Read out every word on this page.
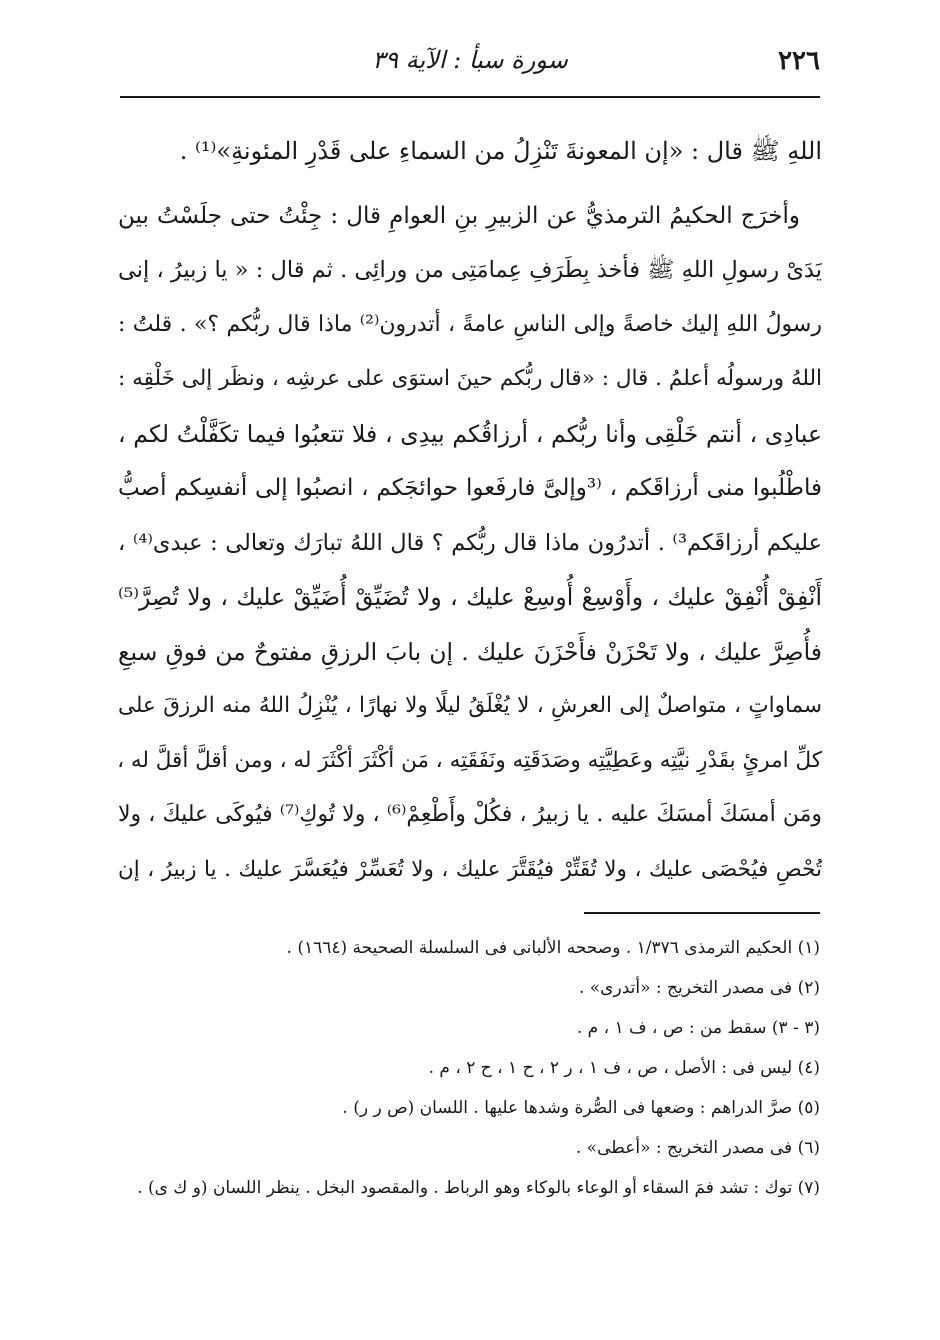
٢٢٦
سورة سبأ : الآية ٣٩
اللهِ ﷺ قال : «إن المعونةَ تَنْزِلُ من السماءِ على قَدْرِ المئونةِ»⁽¹⁾ .
وأخرَج الحكيمُ الترمذيُّ عن الزبيرِ بنِ العوامِ قال : جِئْتُ حتى جلَسْتُ بين
يَدَىْ رسولِ اللهِ ﷺ فأخذ بِطَرَفِ عِمامَتِى من ورائِى . ثم قال : « يا زبيرُ ، إنى
رسولُ اللهِ إليك خاصةً وإلى الناسِ عامةً ، أتدرون⁽²⁾ ماذا قال ربُّكم ؟» . قلتُ :
اللهُ ورسولُه أعلمُ . قال : «قال ربُّكم حينَ استوَى على عرشِه ، ونظَر إلى خَلْقِه :
عبادِى ، أنتم خَلْقِى وأنا ربُّكم ، أرزاقُكم بيدِى ، فلا تتعبُوا فيما تكَفَّلْتُ لكم ،
فاطْلُبوا منى أرزاقَكم ، ⁽³وإلىَّ فارفَعوا حوائجَكم ، انصبُوا إلى أنفسِكم أصبُّ
عليكم أرزاقَكم³⁾ . أتدرُون ماذا قال ربُّكم ؟ قال اللهُ تبارَك وتعالى : عبدى⁽⁴⁾ ،
أَنْفِقْ أُنْفِقْ عليك ، وأَوْسِعْ أُوسِعْ عليك ، ولا تُضَيِّقْ أُضَيِّقْ عليك ، ولا تُصِرَّ⁽⁵⁾
فأُصِرَّ عليك ، ولا تَحْزَنْ فأَحْزَنَ عليك . إن بابَ الرزقِ مفتوحٌ من فوقِ سبعِ
سماواتٍ ، متواصلٌ إلى العرشِ ، لا يُغْلَقُ ليلًا ولا نهارًا ، يُنْزِلُ اللهُ منه الرزقَ على
كلِّ امرئٍ بقَدْرِ نيَّتِه وعَطِيَّتِه وصَدَقَتِه ونَفَقَتِه ، مَن أكْثَرَ أكْثَرَ له ، ومن أقلَّ أقلَّ له ،
ومَن أمسَكَ أمسَكَ عليه . يا زبيرُ ، فكُلْ وأَطْعِمْ⁽⁶⁾ ، ولا تُوكِ⁽⁷⁾ فيُوكَى عليكَ ، ولا
تُحْصِ فيُحْصَى عليك ، ولا تُقَتِّرْ فيُقَتَّرَ عليك ، ولا تُعَسِّرْ فيُعَسَّرَ عليك . يا زبيرُ ، إن
(١) الحكيم الترمذى ١/٣٧٦ . وصححه الألبانى فى السلسلة الصحيحة (١٦٦٤) .
(٢) فى مصدر التخريج : «أتدرى» .
(٣ - ٣) سقط من : ص ، ف ١ ، م .
(٤) ليس فى : الأصل ، ص ، ف ١ ، ر ٢ ، ح ١ ، ح ٢ ، م .
(٥) صرَّ الدراهم : وضعها فى الصُّرة وشدها عليها . اللسان (ص ر ر) .
(٦) فى مصدر التخريج : «أعطى» .
(٧) توك : تشد فمَ السقاء أو الوعاء بالوكاء وهو الرباط . والمقصود البخل . ينظر اللسان (و ك ى) .
